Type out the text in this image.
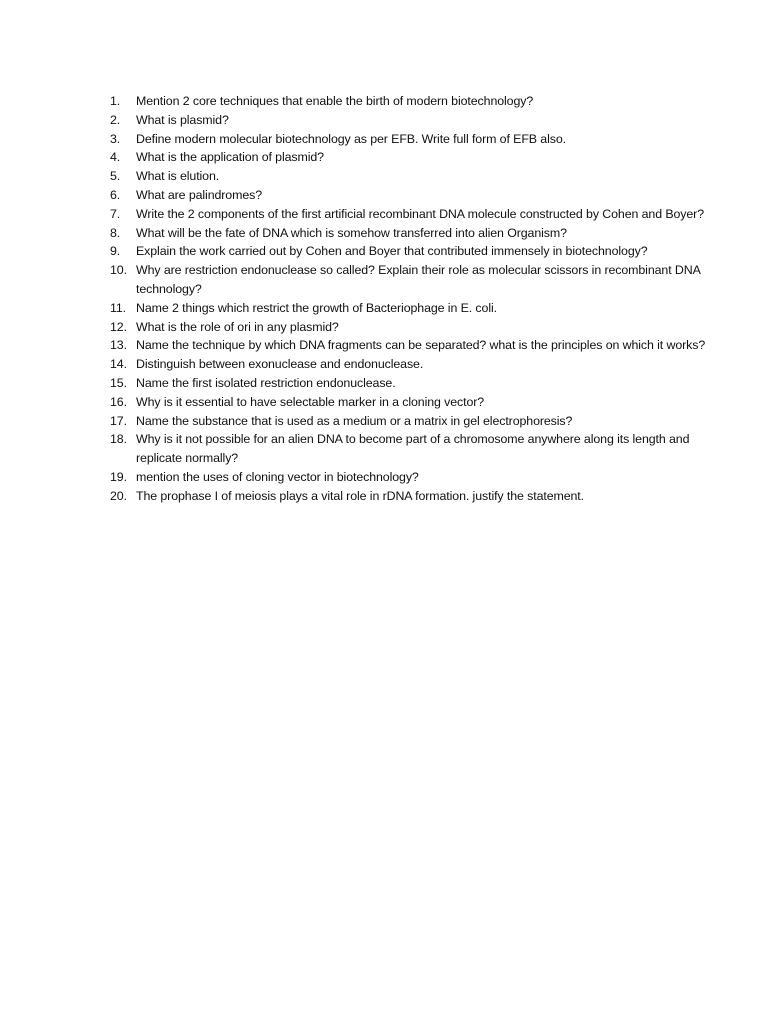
1.	Mention 2 core techniques that enable the birth of modern biotechnology?
2.	What is plasmid?
3.	Define modern molecular biotechnology as per EFB. Write full form of EFB also.
4.	What is the application of plasmid?
5.	What is elution.
6.	What are palindromes?
7.	Write the 2 components of the first artificial recombinant DNA molecule constructed by Cohen and Boyer?
8.	What will be the fate of DNA which is somehow transferred into alien Organism?
9.	Explain the work carried out by Cohen and Boyer that contributed immensely in biotechnology?
10. Why are restriction endonuclease so called? Explain their role as molecular scissors in recombinant DNA technology?
11. Name 2 things which restrict the growth of Bacteriophage in E. coli.
12. What is the role of ori in any plasmid?
13. Name the technique by which DNA fragments can be separated? what is the principles on which it works?
14. Distinguish between exonuclease and endonuclease.
15. Name the first isolated restriction endonuclease.
16. Why is it essential to have selectable marker in a cloning vector?
17. Name the substance that is used as a medium or a matrix in gel electrophoresis?
18. Why is it not possible for an alien DNA to become part of a chromosome anywhere along its length and replicate normally?
19. mention the uses of cloning vector in biotechnology?
20. The prophase I of meiosis plays a vital role in rDNA formation. justify the statement.
